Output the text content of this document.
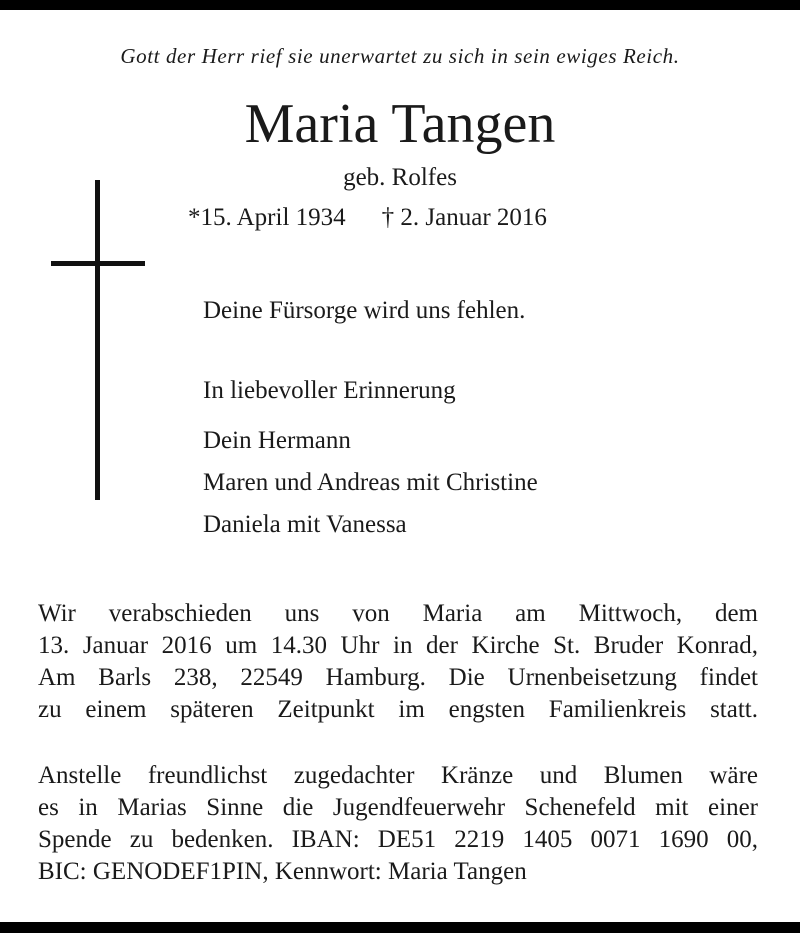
Gott der Herr rief sie unerwartet zu sich in sein ewiges Reich.
Maria Tangen
geb. Rolfes
*15. April 1934 † 2. Januar 2016
Deine Fürsorge wird uns fehlen.
In liebevoller Erinnerung
Dein Hermann
Maren und Andreas mit Christine
Daniela mit Vanessa
Wir verabschieden uns von Maria am Mittwoch, dem
13. Januar 2016 um 14.30 Uhr in der Kirche St. Bruder Konrad,
Am Barls 238, 22549 Hamburg. Die Urnenbeisetzung findet
zu einem späteren Zeitpunkt im engsten Familienkreis statt.
Anstelle freundlichst zugedachter Kränze und Blumen wäre
es in Marias Sinne die Jugendfeuerwehr Schenefeld mit einer
Spende zu bedenken. IBAN: DE51 2219 1405 0071 1690 00,
BIC: GENODEF1PIN, Kennwort: Maria Tangen
